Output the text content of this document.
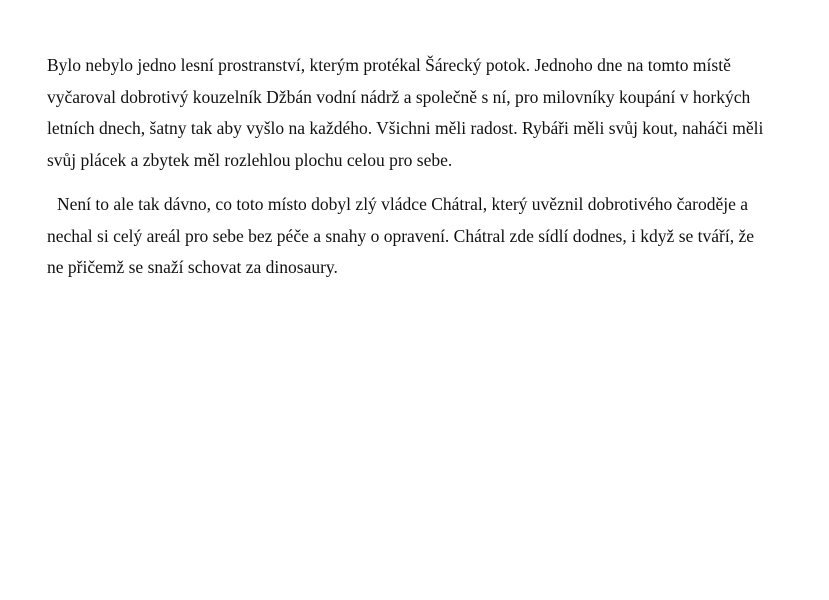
Bylo nebylo jedno lesní prostranství, kterým protékal Šárecký potok. Jednoho dne na tomto místě
vyčaroval dobrotivý kouzelník Džbán vodní nádrž a společně s ní, pro milovníky koupání v horkých
letních dnech, šatny tak aby vyšlo na každého. Všichni měli radost. Rybáři měli svůj kout, naháči měli
svůj plácek a zbytek měl rozlehlou plochu celou pro sebe.

Není to ale tak dávno, co toto místo dobyl zlý vládce Chátral, který uvěznil dobrotivého čaroděje a
nechal si celý areál pro sebe bez péče a snahy o opravení. Chátral zde sídlí dodnes, i když se tváří, že
ne přičemž se snaží schovat za dinosaury.
